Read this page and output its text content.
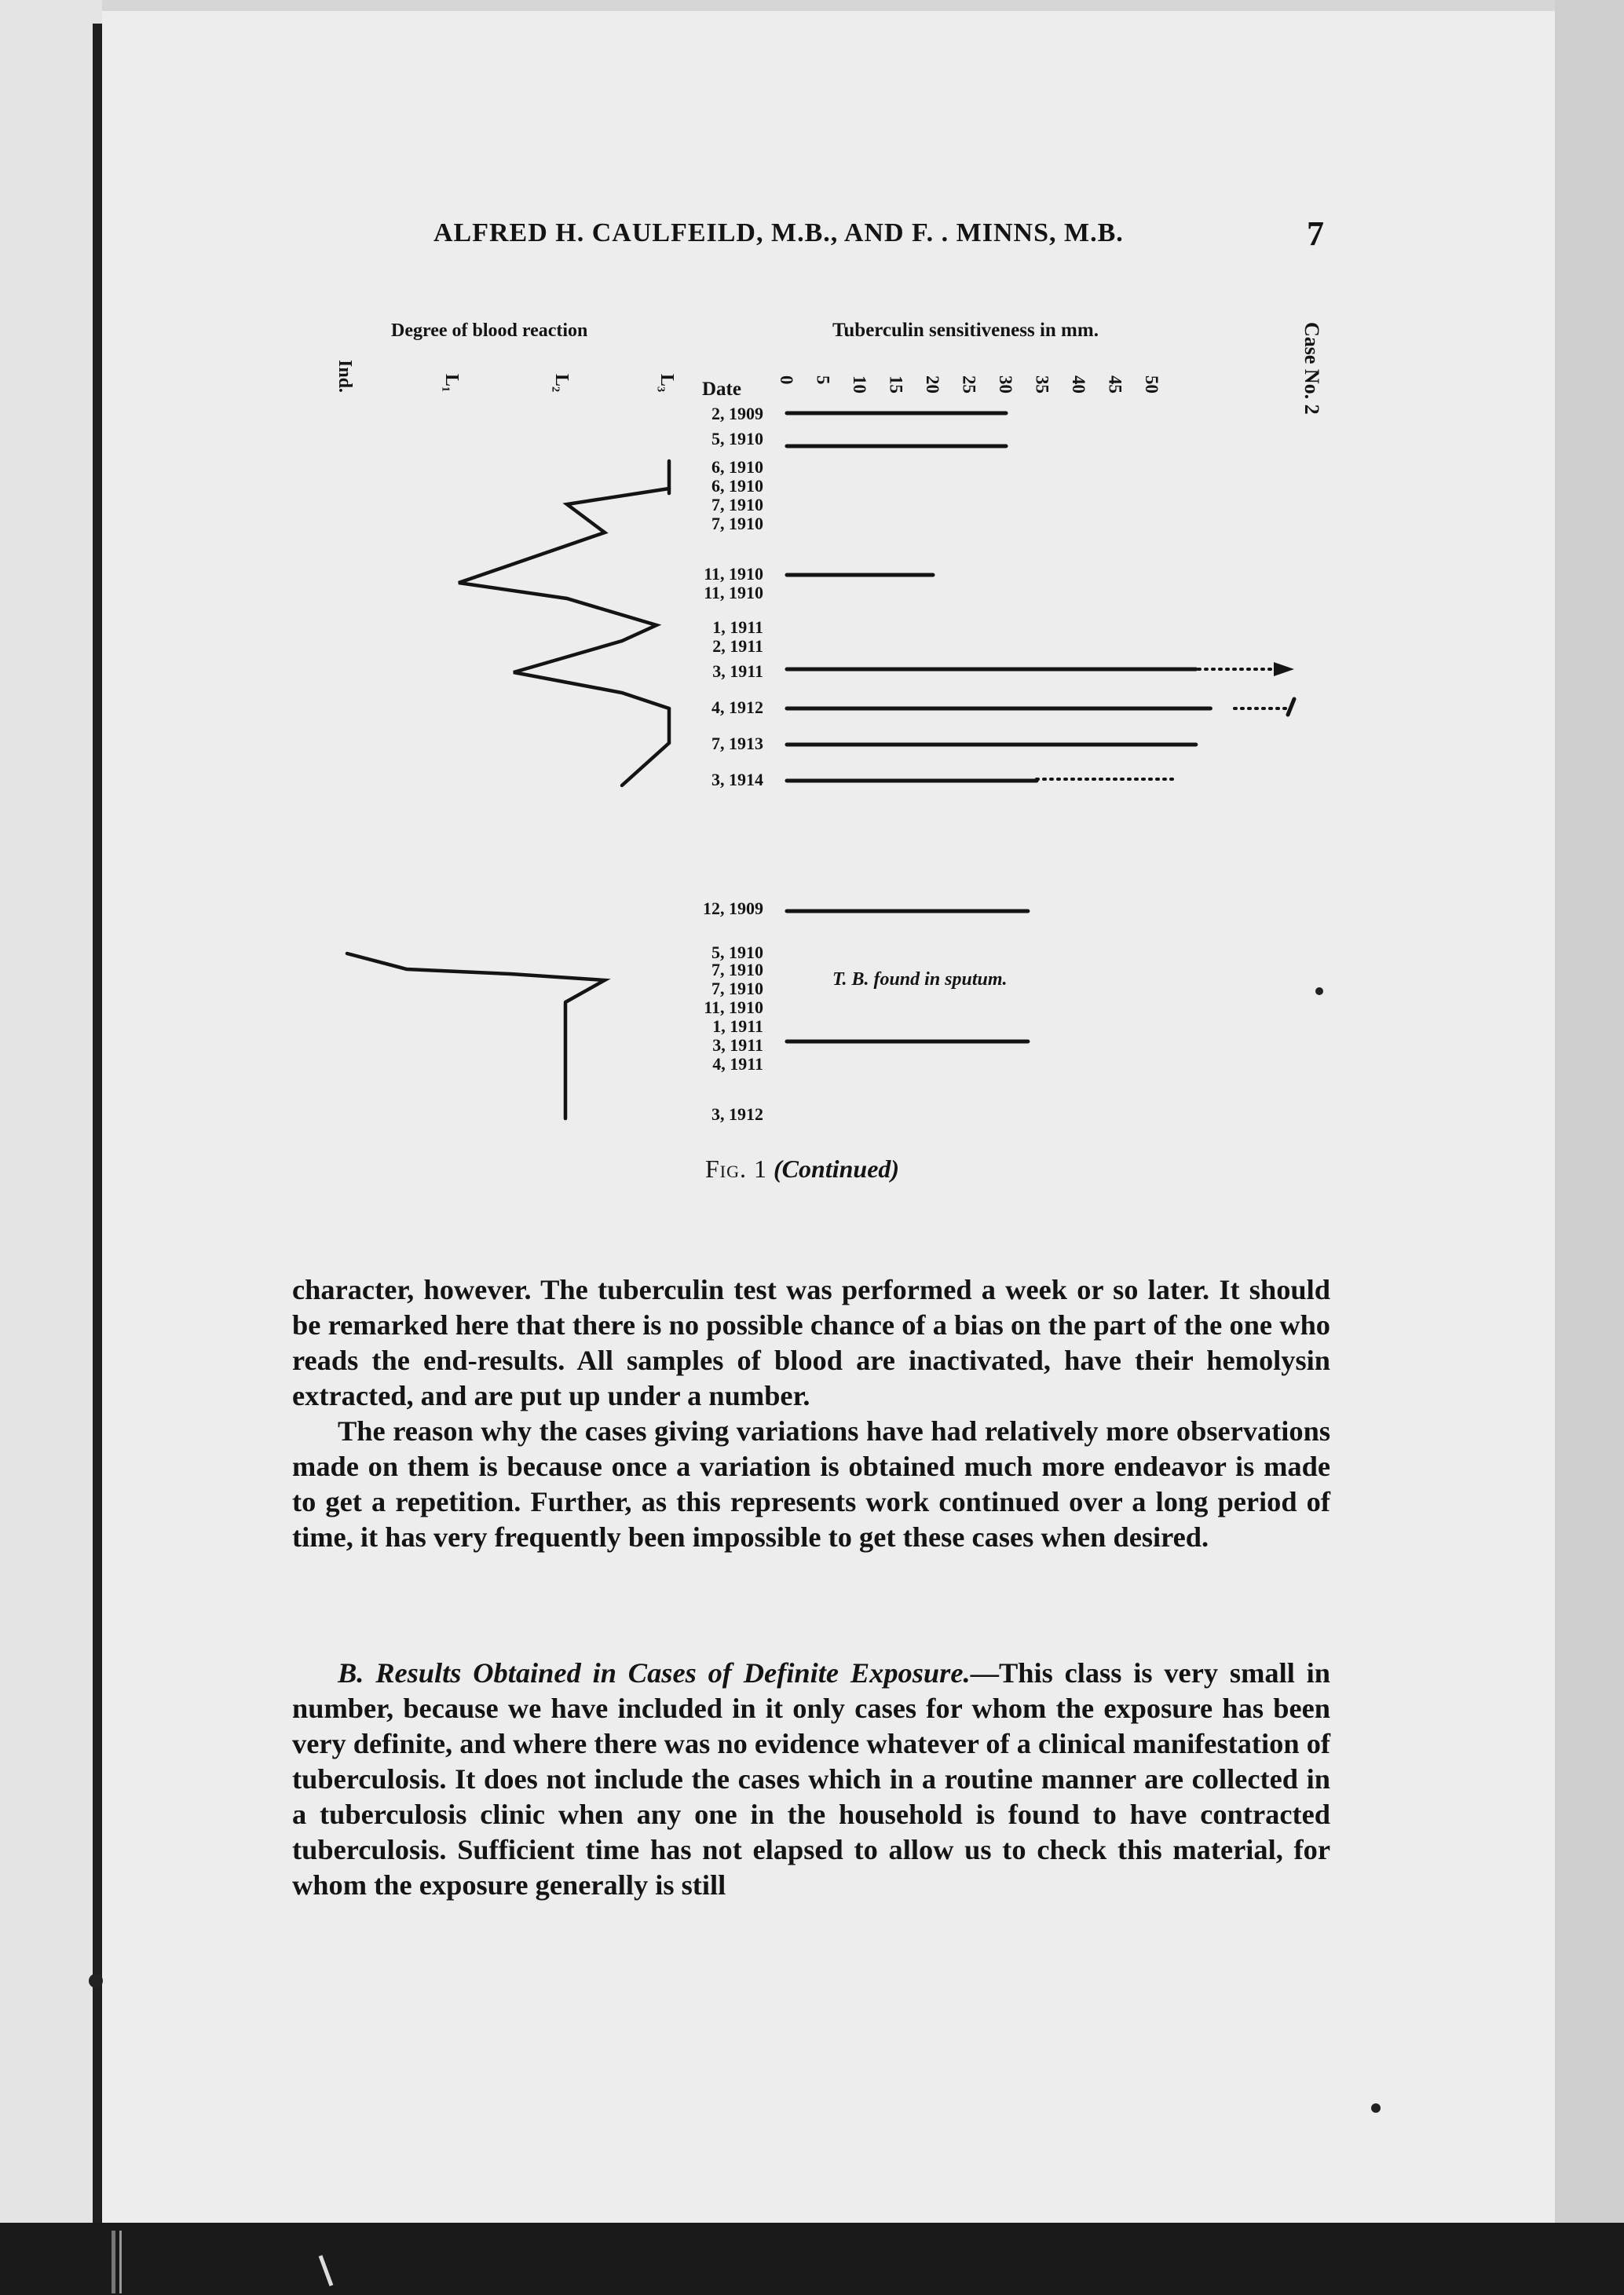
ALFRED H. CAULFEILD, M.B., AND F. . MINNS, M.B.	7
Degree of blood reaction	Tuberculin sensitiveness in mm.	Case No. 2
Ind.	L₁	L₂	L₃ Date 0 5 10 15 20 25 30 35 40 45 50
2, 1909
5, 1910
6, 1910
6, 1910
7, 1910
7, 1910
11, 1910
11, 1910
1, 1911
2, 1911
3, 1911
4, 1912
7, 1913
3, 1914
12, 1909
5, 1910
7, 1910
7, 1910
11, 1910
1, 1911
3, 1911
4, 1911
3, 1912
T. B. found in sputum.
Fig. 1 (Continued)

character, however. The tuberculin test was performed a week or so later. It should be remarked here that there is no possible chance of a bias on the part of the one who reads the end-results. All samples of blood are inactivated, have their hemolysin extracted, and are put up under a number.

The reason why the cases giving variations have had relatively more observations made on them is because once a variation is obtained much more endeavor is made to get a repetition. Further, as this represents work continued over a long period of time, it has very frequently been impossible to get these cases when desired.

B. Results Obtained in Cases of Definite Exposure.—This class is very small in number, because we have included in it only cases for whom the exposure has been very definite, and where there was no evidence whatever of a clinical manifestation of tuberculosis. It does not include the cases which in a routine manner are collected in a tuberculosis clinic when any one in the household is found to have contracted tuberculosis. Sufficient time has not elapsed to allow us to check this material, for whom the exposure generally is still
